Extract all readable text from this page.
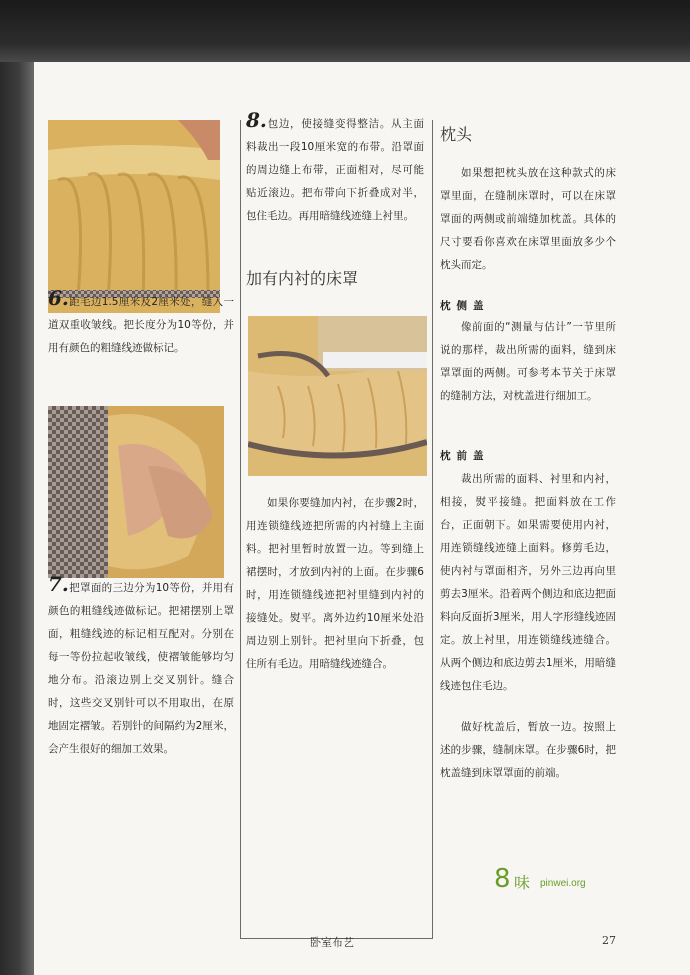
6.距毛边1.5厘米及2厘米处，缝入一道双重收皱线。把长度分为10等份，并用有颜色的粗缝线迹做标记。

7.把罩面的三边分为10等份，并用有颜色的粗缝线迹做标记。把裙摆别上罩面，粗缝线迹的标记相互配对。分别在每一等份拉起收皱线，使褶皱能够均匀地分布。沿滚边别上交叉别针。缝合时，这些交叉别针可以不用取出，在原地固定褶皱。若别针的间隔约为2厘米，会产生很好的细加工效果。

8.包边，使接缝变得整洁。从主面料裁出一段10厘米宽的布带。沿罩面的周边缝上布带，正面相对，尽可能贴近滚边。把布带向下折叠成对半，包住毛边。再用暗缝线迹缝上衬里。

加有内衬的床罩

如果你要缝加内衬，在步骤2时，用连锁缝线迹把所需的内衬缝上主面料。把衬里暂时放置一边。等到缝上裙摆时，才放到内衬的上面。在步骤6时，用连锁缝线迹把衬里缝到内衬的接缝处。熨平。离外边约10厘米处沿周边别上别针。把衬里向下折叠，包住所有毛边。用暗缝线迹缝合。

枕头

如果想把枕头放在这种款式的床罩里面，在缝制床罩时，可以在床罩罩面的两侧或前端缝加枕盖。具体的尺寸要看你喜欢在床罩里面放多少个枕头而定。

枕侧盖

像前面的“测量与估计”一节里所说的那样，裁出所需的面料，缝到床罩罩面的两侧。可参考本节关于床罩的缝制方法，对枕盖进行细加工。

枕前盖

裁出所需的面料、衬里和内衬，相接，熨平接缝。把面料放在工作台，正面朝下。如果需要使用内衬，用连锁缝线迹缝上面料。修剪毛边，使内衬与罩面相齐，另外三边再向里剪去3厘米。沿着两个侧边和底边把面料向反面折3厘米，用人字形缝线迹固定。放上衬里，用连锁缝线迹缝合。从两个侧边和底边剪去1厘米，用暗缝线迹包住毛边。

做好枕盖后，暂放一边。按照上述的步骤，缝制床罩。在步骤6时，把枕盖缝到床罩罩面的前端。

8 味 pinwei.org
卧室布艺	27
